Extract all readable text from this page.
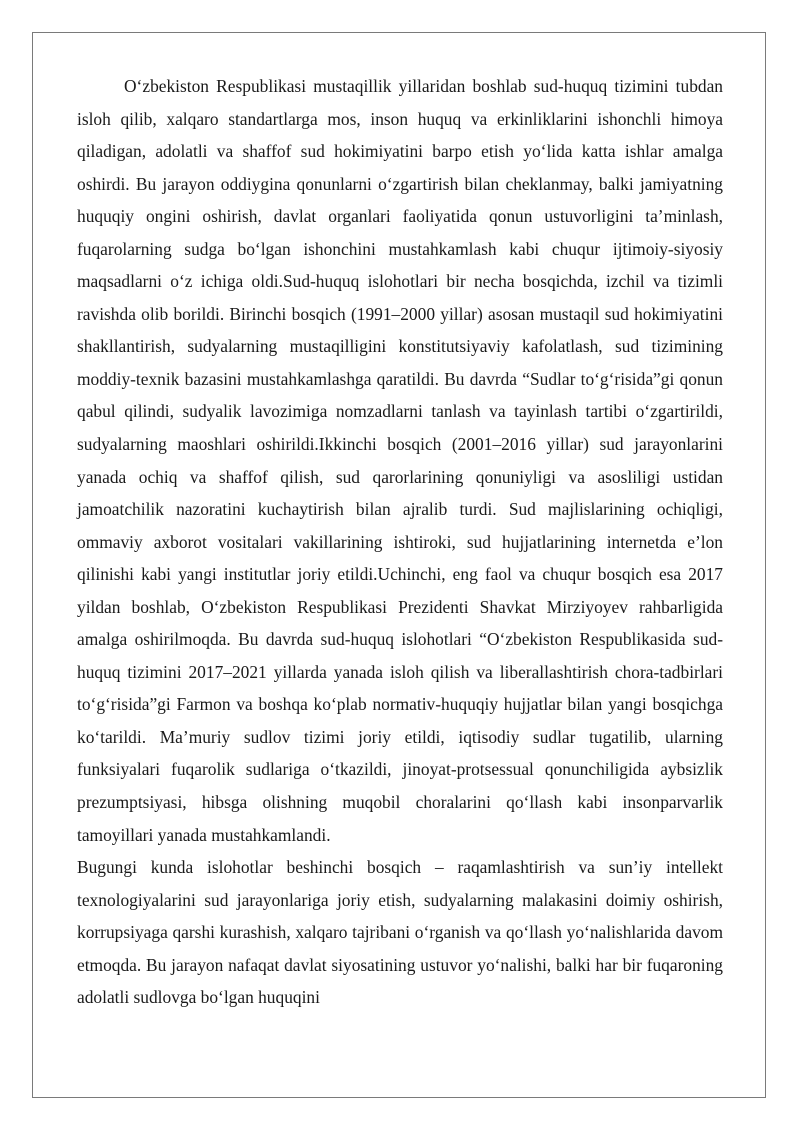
O‘zbekiston Respublikasi mustaqillik yillaridan boshlab sud-huquq tizimini tubdan isloh qilib, xalqaro standartlarga mos, inson huquq va erkinliklarini ishonchli himoya qiladigan, adolatli va shaffof sud hokimiyatini barpo etish yo‘lida katta ishlar amalga oshirdi. Bu jarayon oddiygina qonunlarni o‘zgartirish bilan cheklanmay, balki jamiyatning huquqiy ongini oshirish, davlat organlari faoliyatida qonun ustuvorligini ta’minlash, fuqarolarning sudga bo‘lgan ishonchini mustahkamlash kabi chuqur ijtimoiy-siyosiy maqsadlarni o‘z ichiga oldi.Sud-huquq islohotlari bir necha bosqichda, izchil va tizimli ravishda olib borildi. Birinchi bosqich (1991–2000 yillar) asosan mustaqil sud hokimiyatini shakllantirish, sudyalarning mustaqilligini konstitutsiyaviy kafolatlash, sud tizimining moddiy-texnik bazasini mustahkamlashga qaratildi. Bu davrda “Sudlar to‘g‘risida”gi qonun qabul qilindi, sudyalik lavozimiga nomzadlarni tanlash va tayinlash tartibi o‘zgartirildi, sudyalarning maoshlari oshirildi.Ikkinchi bosqich (2001–2016 yillar) sud jarayonlarini yanada ochiq va shaffof qilish, sud qarorlarining qonuniyligi va asosliligi ustidan jamoatchilik nazoratini kuchaytirish bilan ajralib turdi. Sud majlislarining ochiqligi, ommaviy axborot vositalari vakillarining ishtiroki, sud hujjatlarining internetda e’lon qilinishi kabi yangi institutlar joriy etildi.Uchinchi, eng faol va chuqur bosqich esa 2017 yildan boshlab, O‘zbekiston Respublikasi Prezidenti Shavkat Mirziyoyev rahbarligida amalga oshirilmoqda. Bu davrda sud-huquq islohotlari “O‘zbekiston Respublikasida sud-huquq tizimini 2017–2021 yillarda yanada isloh qilish va liberallashtirish chora-tadbirlari to‘g‘risida”gi Farmon va boshqa ko‘plab normativ-huquqiy hujjatlar bilan yangi bosqichga ko‘tarildi. Ma’muriy sudlov tizimi joriy etildi, iqtisodiy sudlar tugatilib, ularning funksiyalari fuqarolik sudlariga o‘tkazildi, jinoyat-protsessual qonunchiligida aybsizlik prezumptsiyasi, hibsga olishning muqobil choralarini qo‘llash kabi insonparvarlik tamoyillari yanada mustahkamlandi.

Bugungi kunda islohotlar beshinchi bosqich – raqamlashtirish va sun’iy intellekt texnologiyalarini sud jarayonlariga joriy etish, sudyalarning malakasini doimiy oshirish, korrupsiyaga qarshi kurashish, xalqaro tajribani o‘rganish va qo‘llash yo‘nalishlarida davom etmoqda. Bu jarayon nafaqat davlat siyosatining ustuvor yo‘nalishi, balki har bir fuqaroning adolatli sudlovga bo‘lgan huquqini
